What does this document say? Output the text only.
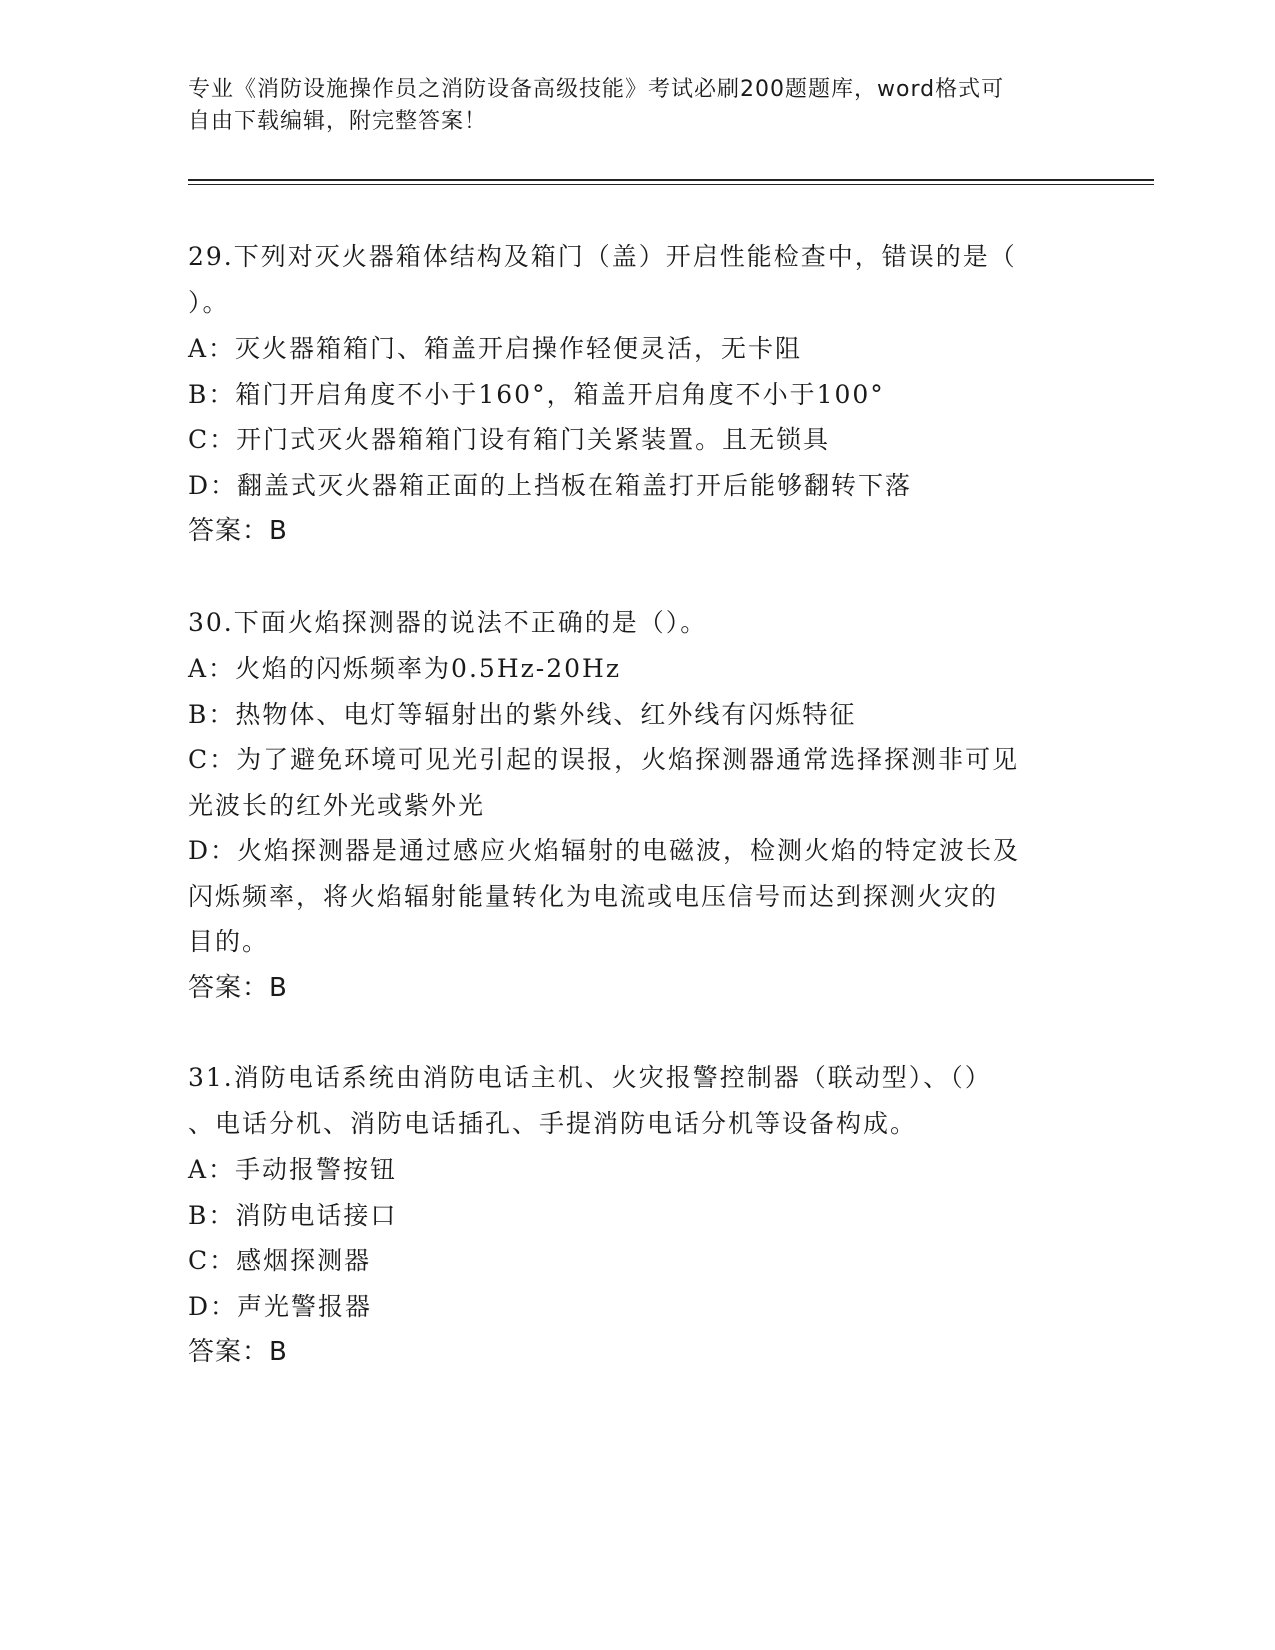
专业《消防设施操作员之消防设备高级技能》考试必刷200题题库，word格式可
自由下载编辑，附完整答案！

29.下列对灭火器箱体结构及箱门（盖）开启性能检查中，错误的是（

）。

A：灭火器箱箱门、箱盖开启操作轻便灵活，无卡阻

B：箱门开启角度不小于160°，箱盖开启角度不小于100°

C：开门式灭火器箱箱门设有箱门关紧装置。且无锁具

D：翻盖式灭火器箱正面的上挡板在箱盖打开后能够翻转下落

答案：B

30.下面火焰探测器的说法不正确的是（）。

A：火焰的闪烁频率为0.5Hz-20Hz

B：热物体、电灯等辐射出的紫外线、红外线有闪烁特征

C：为了避免环境可见光引起的误报，火焰探测器通常选择探测非可见

光波长的红外光或紫外光

D：火焰探测器是通过感应火焰辐射的电磁波，检测火焰的特定波长及

闪烁频率，将火焰辐射能量转化为电流或电压信号而达到探测火灾的

目的。

答案：B

31.消防电话系统由消防电话主机、火灾报警控制器（联动型）、（）

、电话分机、消防电话插孔、手提消防电话分机等设备构成。

A：手动报警按钮

B：消防电话接口

C：感烟探测器

D：声光警报器

答案：B
